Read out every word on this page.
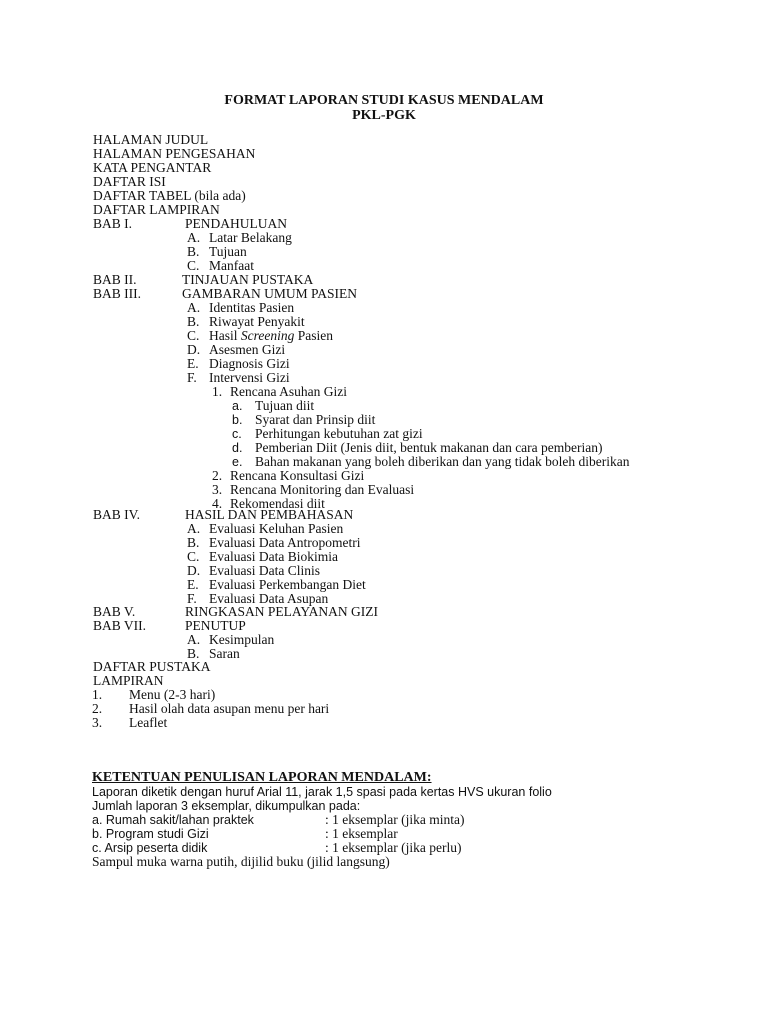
FORMAT LAPORAN STUDI KASUS MENDALAM
PKL-PGK
HALAMAN JUDUL
HALAMAN PENGESAHAN
KATA PENGANTAR
DAFTAR ISI
DAFTAR TABEL (bila ada)
DAFTAR LAMPIRAN
BAB I.	PENDAHULUAN
A. Latar Belakang
B. Tujuan
C. Manfaat
BAB II.	TINJAUAN PUSTAKA
BAB III.	GAMBARAN UMUM PASIEN
A. Identitas Pasien
B. Riwayat Penyakit
C. Hasil Screening Pasien
D. Asesmen Gizi
E. Diagnosis Gizi
F. Intervensi Gizi
1. Rencana Asuhan Gizi
a. Tujuan diit
b. Syarat dan Prinsip diit
c. Perhitungan kebutuhan zat gizi
d. Pemberian Diit (Jenis diit, bentuk makanan dan cara pemberian)
e. Bahan makanan yang boleh diberikan dan yang tidak boleh diberikan
2. Rencana Konsultasi Gizi
3. Rencana Monitoring dan Evaluasi
4. Rekomendasi diit
BAB IV.	HASIL DAN PEMBAHASAN
A. Evaluasi Keluhan Pasien
B. Evaluasi Data Antropometri
C. Evaluasi Data Biokimia
D. Evaluasi Data Clinis
E. Evaluasi Perkembangan Diet
F. Evaluasi Data Asupan
BAB V.	RINGKASAN PELAYANAN GIZI
BAB VII.	PENUTUP
A. Kesimpulan
B. Saran
DAFTAR PUSTAKA
LAMPIRAN
1. Menu (2-3 hari)
2. Hasil olah data asupan menu per hari
3. Leaflet
KETENTUAN PENULISAN LAPORAN MENDALAM:
Laporan diketik dengan huruf Arial 11, jarak 1,5 spasi pada kertas HVS ukuran folio
Jumlah laporan 3 eksemplar, dikumpulkan pada:
a. Rumah sakit/lahan praktek	: 1 eksemplar (jika minta)
b. Program studi Gizi	: 1 eksemplar
c. Arsip peserta didik	: 1 eksemplar (jika perlu)
Sampul muka warna putih, dijilid buku (jilid langsung)
